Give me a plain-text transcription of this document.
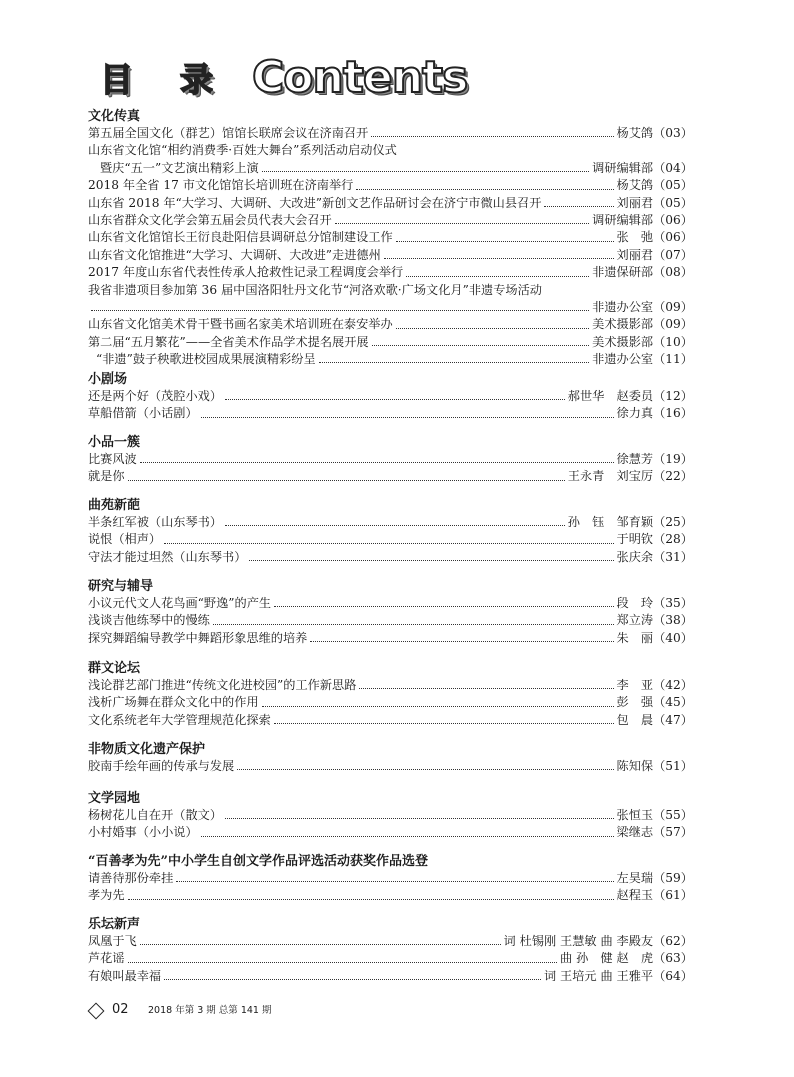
目 录 Contents
文化传真
第五届全国文化（群艺）馆馆长联席会议在济南召开	杨艾鸽 （03）
山东省文化馆“相约消费季·百姓大舞台”系列活动启动仪式
暨庆“五一”文艺演出精彩上演	调研编辑部 （04）
2018 年全省 17 市文化馆馆长培训班在济南举行	杨艾鸽 （05）
山东省 2018 年“大学习、大调研、大改进”新创文艺作品研讨会在济宁市微山县召开	刘丽君 （05）
山东省群众文化学会第五届会员代表大会召开	调研编辑部 （06）
山东省文化馆馆长王衍良赴阳信县调研总分馆制建设工作	张　弛 （06）
山东省文化馆推进“大学习、大调研、大改进”走进德州	刘丽君 （07）
2017 年度山东省代表性传承人抢救性记录工程调度会举行	非遗保研部 （08）
我省非遗项目参加第 36 届中国洛阳牡丹文化节“河洛欢歌·广场文化月”非遗专场活动
非遗办公室 （09）
山东省文化馆美术骨干暨书画名家美术培训班在泰安举办	美术摄影部 （09）
第二届“五月繁花”——全省美术作品学术提名展开展	美术摄影部 （10）
“非遗”鼓子秧歌进校园成果展演精彩纷呈	非遗办公室 （11）
小剧场
还是两个好（茂腔小戏）	郝世华　赵委员 （12）
草船借箭（小话剧）	徐力真 （16）
小品一簇
比赛风波	徐慧芳 （19）
就是你	王永青　刘宝厉 （22）
曲苑新葩
半条红军被（山东琴书）	孙　钰　邹育颖 （25）
说恨（相声）	于明钦 （28）
守法才能过坦然（山东琴书）	张庆余 （31）
研究与辅导
小议元代文人花鸟画“野逸”的产生	段　玲 （35）
浅谈吉他练琴中的慢练	郑立涛 （38）
探究舞蹈编导教学中舞蹈形象思维的培养	朱　丽 （40）
群文论坛
浅论群艺部门推进“传统文化进校园”的工作新思路	李　亚 （42）
浅析广场舞在群众文化中的作用	彭　强 （45）
文化系统老年大学管理规范化探索	包　晨 （47）
非物质文化遗产保护
胶南手绘年画的传承与发展	陈知保 （51）
文学园地
杨树花儿自在开（散文）	张恒玉 （55）
小村婚事（小小说）	梁继志 （57）
“百善孝为先”中小学生自创文学作品评选活动获奖作品选登
请善待那份牵挂	左昊瑞 （59）
孝为先	赵程玉 （61）
乐坛新声
凤凰于飞	词 杜锡刚 王慧敏 曲 李殿友 （62）
芦花谣	曲 孙　健 赵　虎 （63）
有娘叫最幸福	词 王培元 曲 王雅平 （64）
02 2018 年第 3 期 总第 141 期
